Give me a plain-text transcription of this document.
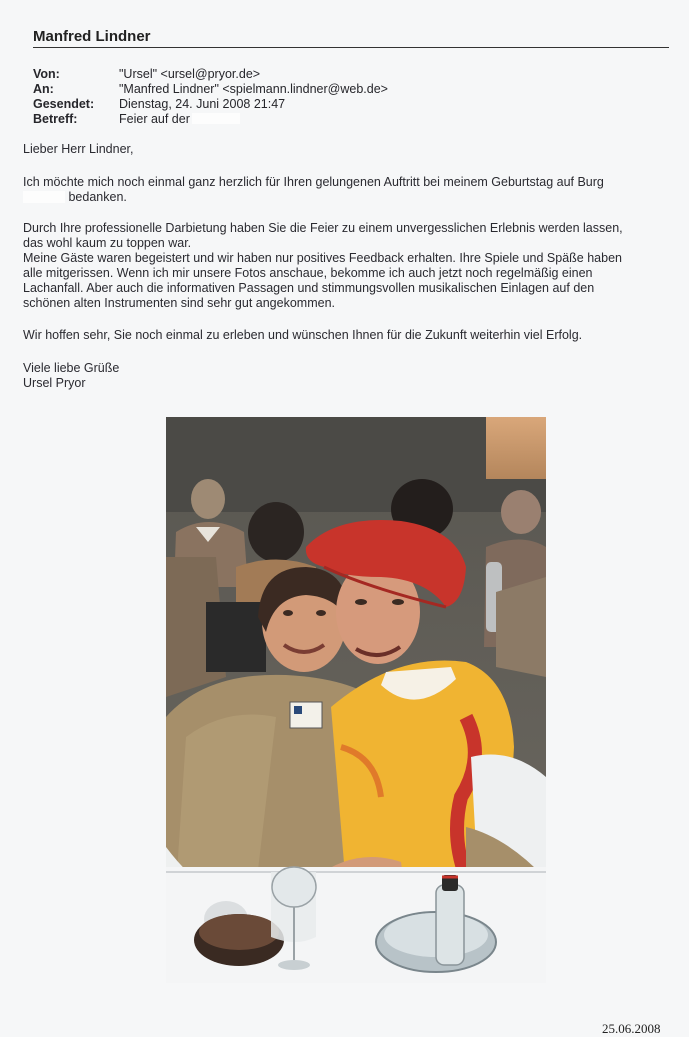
Manfred Lindner
Von:	"Ursel" <ursel@pryor.de>
An:	"Manfred Lindner" <spielmann.lindner@web.de>
Gesendet:	Dienstag, 24. Juni 2008 21:47
Betreff:	Feier auf der
Lieber Herr Lindner,
Ich möchte mich noch einmal ganz herzlich für Ihren gelungenen Auftritt bei meinem Geburtstag auf Burg
bedanken.
Durch Ihre professionelle Darbietung haben Sie die Feier zu einem unvergesslichen Erlebnis werden lassen,
das wohl kaum zu toppen war.
Meine Gäste waren begeistert und wir haben nur positives Feedback erhalten. Ihre Spiele und Späße haben
alle mitgerissen. Wenn ich mir unsere Fotos anschaue, bekomme ich auch jetzt noch regelmäßig einen
Lachanfall. Aber auch die informativen Passagen und stimmungsvollen musikalischen Einlagen auf den
schönen alten Instrumenten sind sehr gut angekommen.
Wir hoffen sehr, Sie noch einmal zu erleben und wünschen Ihnen für die Zukunft weiterhin viel Erfolg.
Viele liebe Grüße
Ursel Pryor
25.06.2008
